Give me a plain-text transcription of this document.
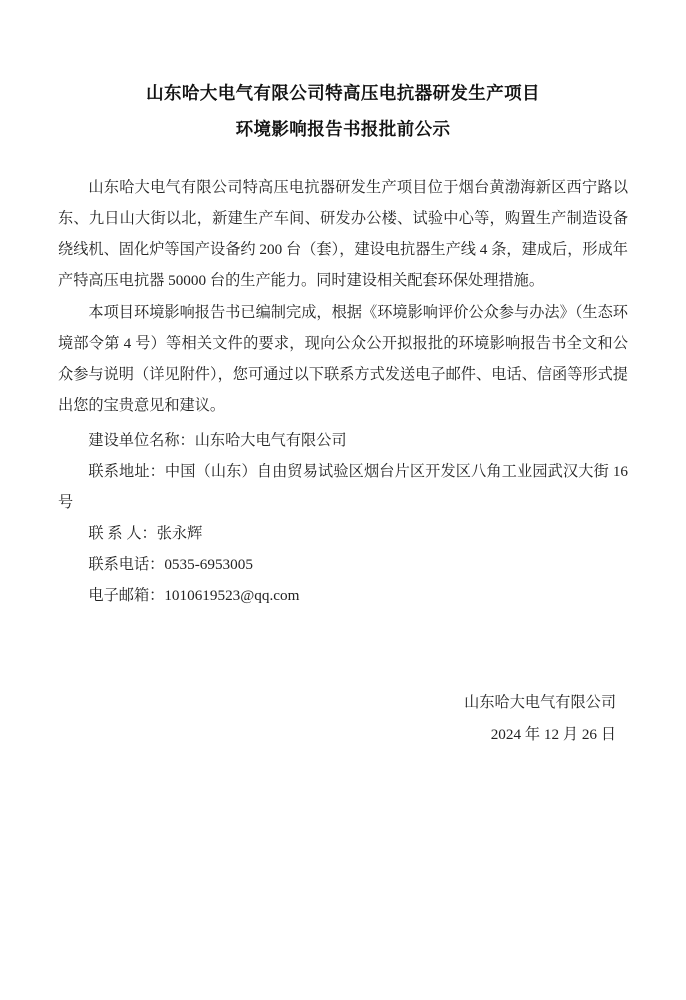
山东哈大电气有限公司特高压电抗器研发生产项目
环境影响报告书报批前公示

山东哈大电气有限公司特高压电抗器研发生产项目位于烟台黄渤海新区西宁路以东、九日山大街以北，新建生产车间、研发办公楼、试验中心等，购置生产制造设备绕线机、固化炉等国产设备约 200 台（套），建设电抗器生产线 4 条，建成后，形成年产特高压电抗器 50000 台的生产能力。同时建设相关配套环保处理措施。

本项目环境影响报告书已编制完成，根据《环境影响评价公众参与办法》（生态环境部令第 4 号）等相关文件的要求，现向公众公开拟报批的环境影响报告书全文和公众参与说明（详见附件），您可通过以下联系方式发送电子邮件、电话、信函等形式提出您的宝贵意见和建议。

建设单位名称：山东哈大电气有限公司

联系地址：中国（山东）自由贸易试验区烟台片区开发区八角工业园武汉大街 16 号

联 系 人：张永辉

联系电话：0535-6953005

电子邮箱：1010619523@qq.com

山东哈大电气有限公司
2024 年 12 月 26 日
